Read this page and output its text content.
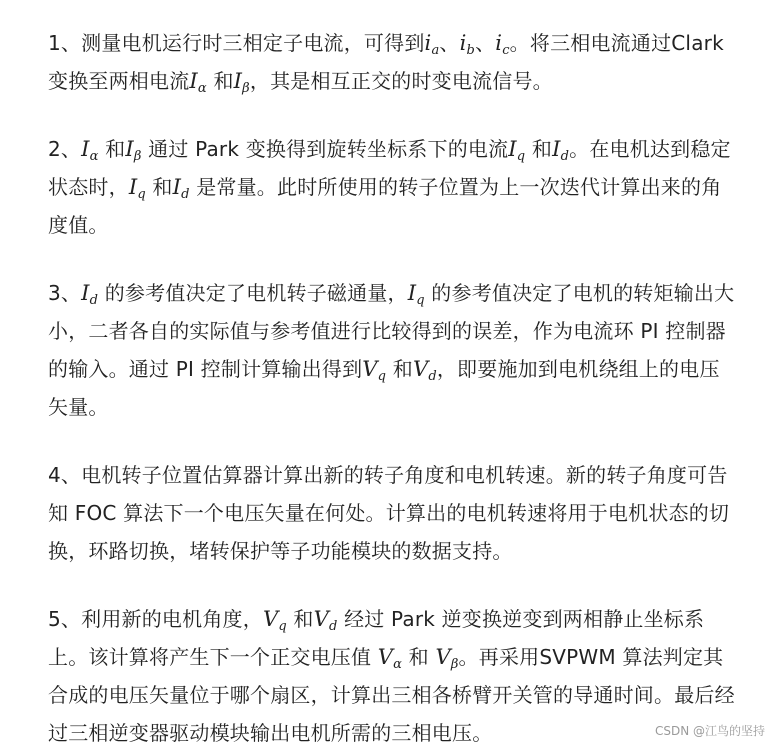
1、测量电机运行时三相定子电流，可得到$i_a$、$i_b$、$i_c$。将三相电流通过Clark 变换至两相电流$I_\alpha$ 和$I_\beta$，其是相互正交的时变电流信号。

2、$I_\alpha$ 和$I_\beta$ 通过 Park 变换得到旋转坐标系下的电流$I_q$ 和$I_d$。在电机达到稳定状态时，$I_q$ 和$I_d$ 是常量。此时所使用的转子位置为上一次迭代计算出来的角度值。

3、$I_d$ 的参考值决定了电机转子磁通量，$I_q$ 的参考值决定了电机的转矩输出大小，二者各自的实际值与参考值进行比较得到的误差，作为电流环 PI 控制器的输入。通过 PI 控制计算输出得到$V_q$ 和$V_d$，即要施加到电机绕组上的电压矢量。

4、电机转子位置估算器计算出新的转子角度和电机转速。新的转子角度可告知 FOC 算法下一个电压矢量在何处。计算出的电机转速将用于电机状态的切换，环路切换，堵转保护等子功能模块的数据支持。

5、利用新的电机角度，$V_q$ 和$V_d$ 经过 Park 逆变换逆变到两相静止坐标系上。该计算将产生下一个正交电压值 $V_\alpha$ 和 $V_\beta$。再采用SVPWM 算法判定其合成的电压矢量位于哪个扇区，计算出三相各桥臂开关管的导通时间。最后经过三相逆变器驱动模块输出电机所需的三相电压。	CSDN @江鸟的坚持
